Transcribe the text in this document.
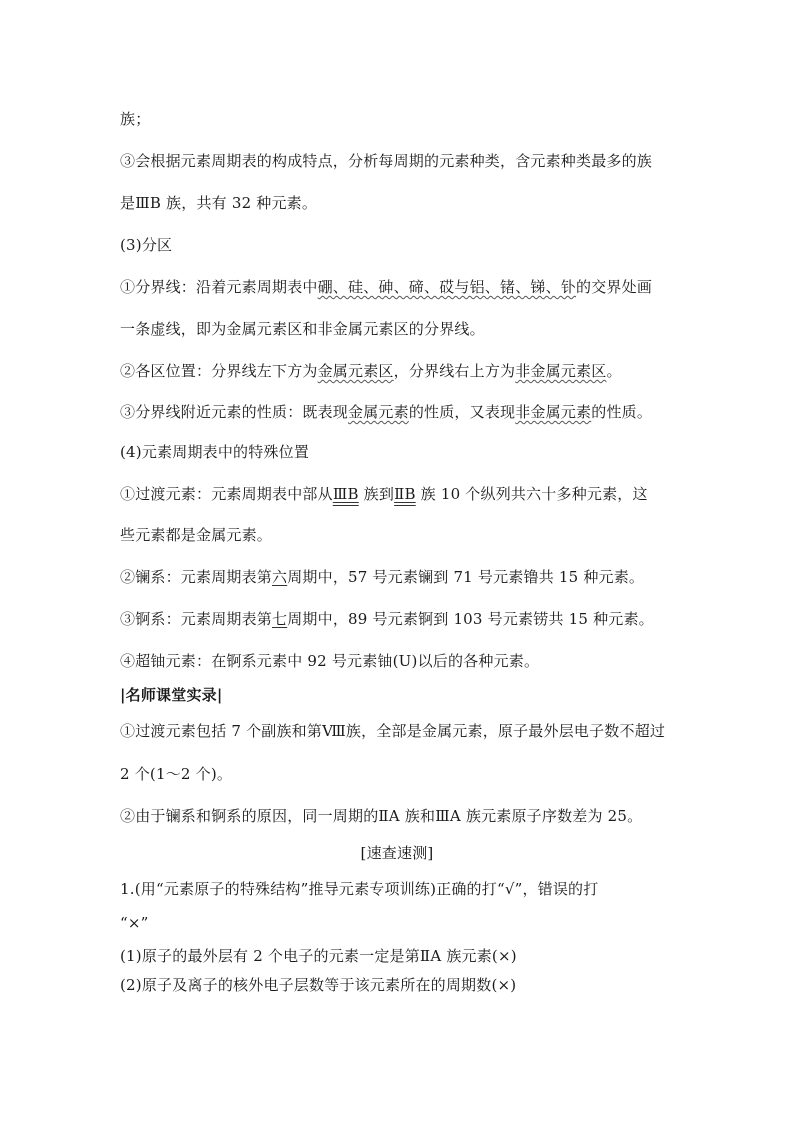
族；
③会根据元素周期表的构成特点，分析每周期的元素种类，含元素种类最多的族
是ⅢB 族，共有 32 种元素。
(3)分区
①分界线：沿着元素周期表中硼、硅、砷、碲、砹与铝、锗、锑、钋的交界处画
一条虚线，即为金属元素区和非金属元素区的分界线。
②各区位置：分界线左下方为金属元素区，分界线右上方为非金属元素区。
③分界线附近元素的性质：既表现金属元素的性质，又表现非金属元素的性质。
(4)元素周期表中的特殊位置
①过渡元素：元素周期表中部从ⅢB 族到ⅡB 族 10 个纵列共六十多种元素，这
些元素都是金属元素。
②镧系：元素周期表第六周期中，57 号元素镧到 71 号元素镥共 15 种元素。
③锕系：元素周期表第七周期中，89 号元素锕到 103 号元素铹共 15 种元素。
④超铀元素：在锕系元素中 92 号元素铀(U)以后的各种元素。
|名师课堂实录|
①过渡元素包括 7 个副族和第Ⅷ族，全部是金属元素，原子最外层电子数不超过
2 个(1～2 个)。
②由于镧系和锕系的原因，同一周期的ⅡA 族和ⅢA 族元素原子序数差为 25。
[速查速测]
1.(用“元素原子的特殊结构”推导元素专项训练)正确的打“√”，错误的打
“×”
(1)原子的最外层有 2 个电子的元素一定是第ⅡA 族元素(×)
(2)原子及离子的核外电子层数等于该元素所在的周期数(×)
